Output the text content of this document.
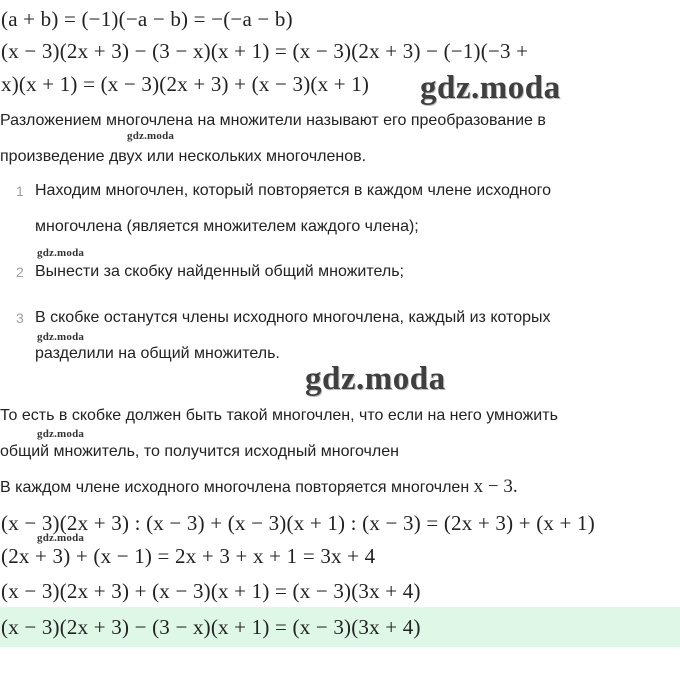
(a + b) = (−1)(−a − b) = −(−a − b)
(x − 3)(2x + 3) − (3 − x)(x + 1) = (x − 3)(2x + 3) − (−1)(−3 +
x)(x + 1) = (x − 3)(2x + 3) + (x − 3)(x + 1) gdz.moda
Разложением многочлена на множители называют его преобразование в
gdz.moda
произведение двух или нескольких многочленов.
1 Находим многочлен, который повторяется в каждом члене исходного
многочлена (является множителем каждого члена);
gdz.moda
2 Вынести за скобку найденный общий множитель;
3 В скобке останутся члены исходного многочлена, каждый из которых
gdz.moda
разделили на общий множитель.
gdz.moda
То есть в скобке должен быть такой многочлен, что если на него умножить
gdz.moda
общий множитель, то получится исходный многочлен
В каждом члене исходного многочлена повторяется многочлен x − 3.
(x − 3)(2x + 3) : (x − 3) + (x − 3)(x + 1) : (x − 3) = (2x + 3) + (x + 1)
gdz.moda
(2x + 3) + (x − 1) = 2x + 3 + x + 1 = 3x + 4
(x − 3)(2x + 3) + (x − 3)(x + 1) = (x − 3)(3x + 4)
(x − 3)(2x + 3) − (3 − x)(x + 1) = (x − 3)(3x + 4)
